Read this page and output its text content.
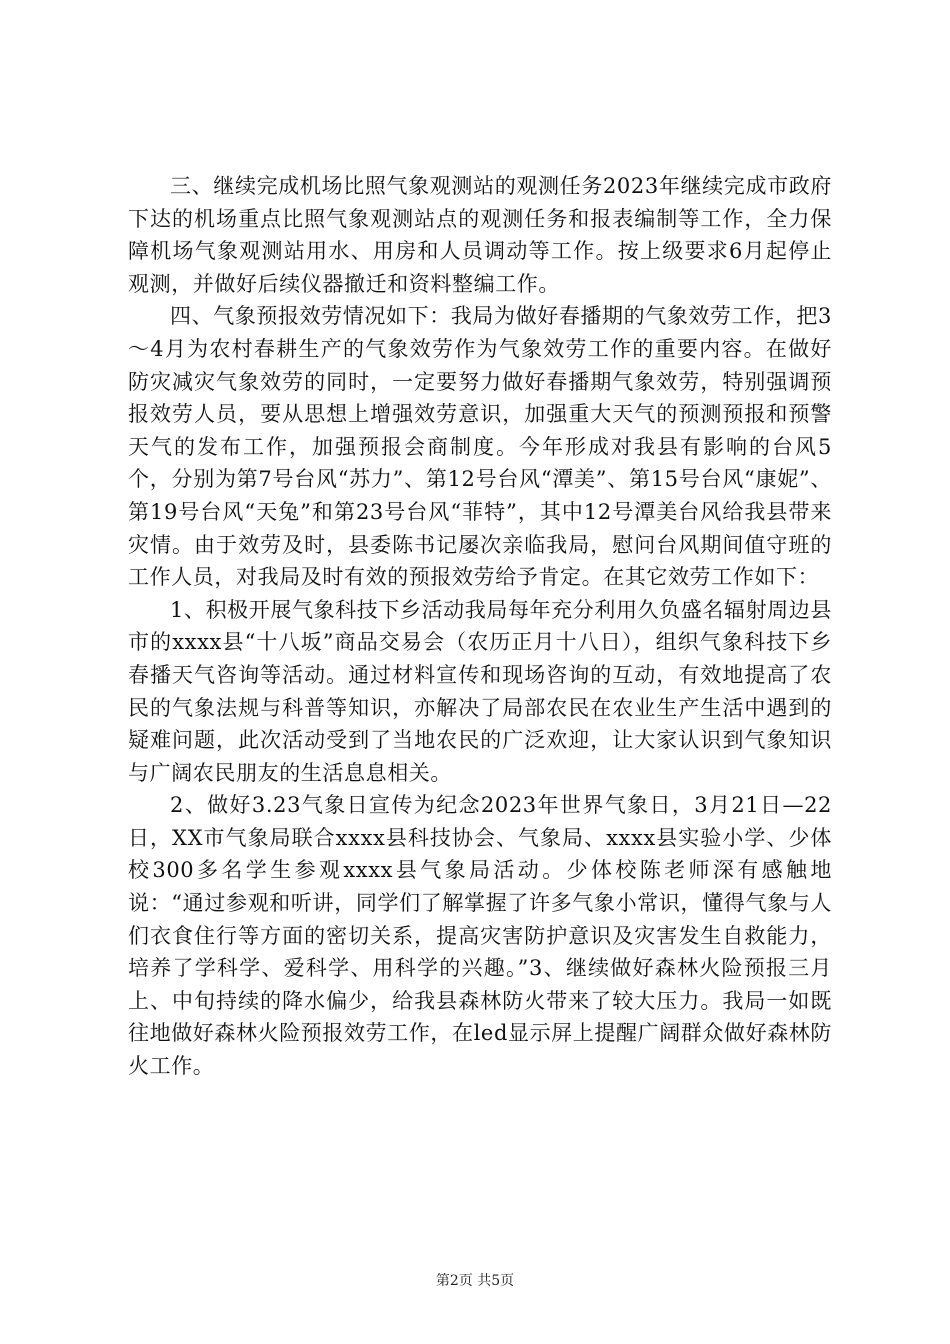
三、继续完成机场比照气象观测站的观测任务2023年继续完成市政府下达的机场重点比照气象观测站点的观测任务和报表编制等工作，全力保障机场气象观测站用水、用房和人员调动等工作。按上级要求6月起停止观测，并做好后续仪器撤迁和资料整编工作。

四、气象预报效劳情况如下：我局为做好春播期的气象效劳工作，把3～4月为农村春耕生产的气象效劳作为气象效劳工作的重要内容。在做好防灾减灾气象效劳的同时，一定要努力做好春播期气象效劳，特别强调预报效劳人员，要从思想上增强效劳意识，加强重大天气的预测预报和预警天气的发布工作，加强预报会商制度。今年形成对我县有影响的台风5个，分别为第7号台风“苏力”、第12号台风“潭美”、第15号台风“康妮”、第19号台风“天兔”和第23号台风“菲特”，其中12号潭美台风给我县带来灾情。由于效劳及时，县委陈书记屡次亲临我局，慰问台风期间值守班的工作人员，对我局及时有效的预报效劳给予肯定。在其它效劳工作如下：

1、积极开展气象科技下乡活动我局每年充分利用久负盛名辐射周边县市的xxxx县“十八坂”商品交易会（农历正月十八日），组织气象科技下乡春播天气咨询等活动。通过材料宣传和现场咨询的互动，有效地提高了农民的气象法规与科普等知识，亦解决了局部农民在农业生产生活中遇到的疑难问题，此次活动受到了当地农民的广泛欢迎，让大家认识到气象知识与广阔农民朋友的生活息息相关。

2、做好3.23气象日宣传为纪念2023年世界气象日，3月21日—22日，XX市气象局联合xxxx县科技协会、气象局、xxxx县实验小学、少体校300多名学生参观xxxx县气象局活动。少体校陈老师深有感触地说：“通过参观和听讲，同学们了解掌握了许多气象小常识，懂得气象与人们衣食住行等方面的密切关系，提高灾害防护意识及灾害发生自救能力，培养了学科学、爱科学、用科学的兴趣。”3、继续做好森林火险预报三月上、中旬持续的降水偏少，给我县森林防火带来了较大压力。我局一如既往地做好森林火险预报效劳工作，在led显示屏上提醒广阔群众做好森林防火工作。

第2页 共5页
